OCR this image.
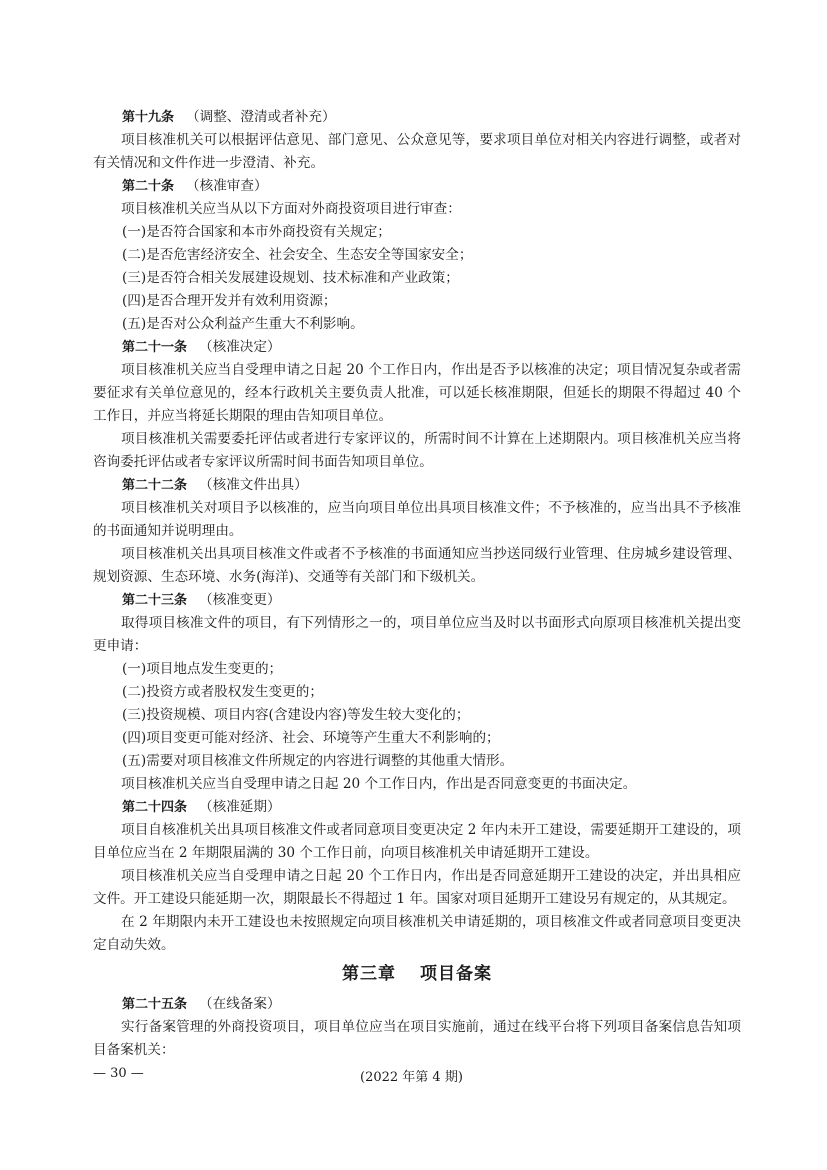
第十九条 （调整、澄清或者补充）
项目核准机关可以根据评估意见、部门意见、公众意见等，要求项目单位对相关内容进行调整，或者对有关情况和文件作进一步澄清、补充。
第二十条 （核准审查）
项目核准机关应当从以下方面对外商投资项目进行审查：
(一)是否符合国家和本市外商投资有关规定；
(二)是否危害经济安全、社会安全、生态安全等国家安全；
(三)是否符合相关发展建设规划、技术标准和产业政策；
(四)是否合理开发并有效利用资源；
(五)是否对公众利益产生重大不利影响。
第二十一条 （核准决定）
项目核准机关应当自受理申请之日起 20 个工作日内，作出是否予以核准的决定；项目情况复杂或者需要征求有关单位意见的，经本行政机关主要负责人批准，可以延长核准期限，但延长的期限不得超过 40 个工作日，并应当将延长期限的理由告知项目单位。
项目核准机关需要委托评估或者进行专家评议的，所需时间不计算在上述期限内。项目核准机关应当将咨询委托评估或者专家评议所需时间书面告知项目单位。
第二十二条 （核准文件出具）
项目核准机关对项目予以核准的，应当向项目单位出具项目核准文件；不予核准的，应当出具不予核准的书面通知并说明理由。
项目核准机关出具项目核准文件或者不予核准的书面通知应当抄送同级行业管理、住房城乡建设管理、规划资源、生态环境、水务(海洋)、交通等有关部门和下级机关。
第二十三条 （核准变更）
取得项目核准文件的项目，有下列情形之一的，项目单位应当及时以书面形式向原项目核准机关提出变更申请：
(一)项目地点发生变更的；
(二)投资方或者股权发生变更的；
(三)投资规模、项目内容(含建设内容)等发生较大变化的；
(四)项目变更可能对经济、社会、环境等产生重大不利影响的；
(五)需要对项目核准文件所规定的内容进行调整的其他重大情形。
项目核准机关应当自受理申请之日起 20 个工作日内，作出是否同意变更的书面决定。
第二十四条 （核准延期）
项目自核准机关出具项目核准文件或者同意项目变更决定 2 年内未开工建设，需要延期开工建设的，项目单位应当在 2 年期限届满的 30 个工作日前，向项目核准机关申请延期开工建设。
项目核准机关应当自受理申请之日起 20 个工作日内，作出是否同意延期开工建设的决定，并出具相应文件。开工建设只能延期一次，期限最长不得超过 1 年。国家对项目延期开工建设另有规定的，从其规定。
在 2 年期限内未开工建设也未按照规定向项目核准机关申请延期的，项目核准文件或者同意项目变更决定自动失效。
第三章 项目备案
第二十五条 （在线备案）
实行备案管理的外商投资项目，项目单位应当在项目实施前，通过在线平台将下列项目备案信息告知项目备案机关：
— 30 —	(2022 年第 4 期)
